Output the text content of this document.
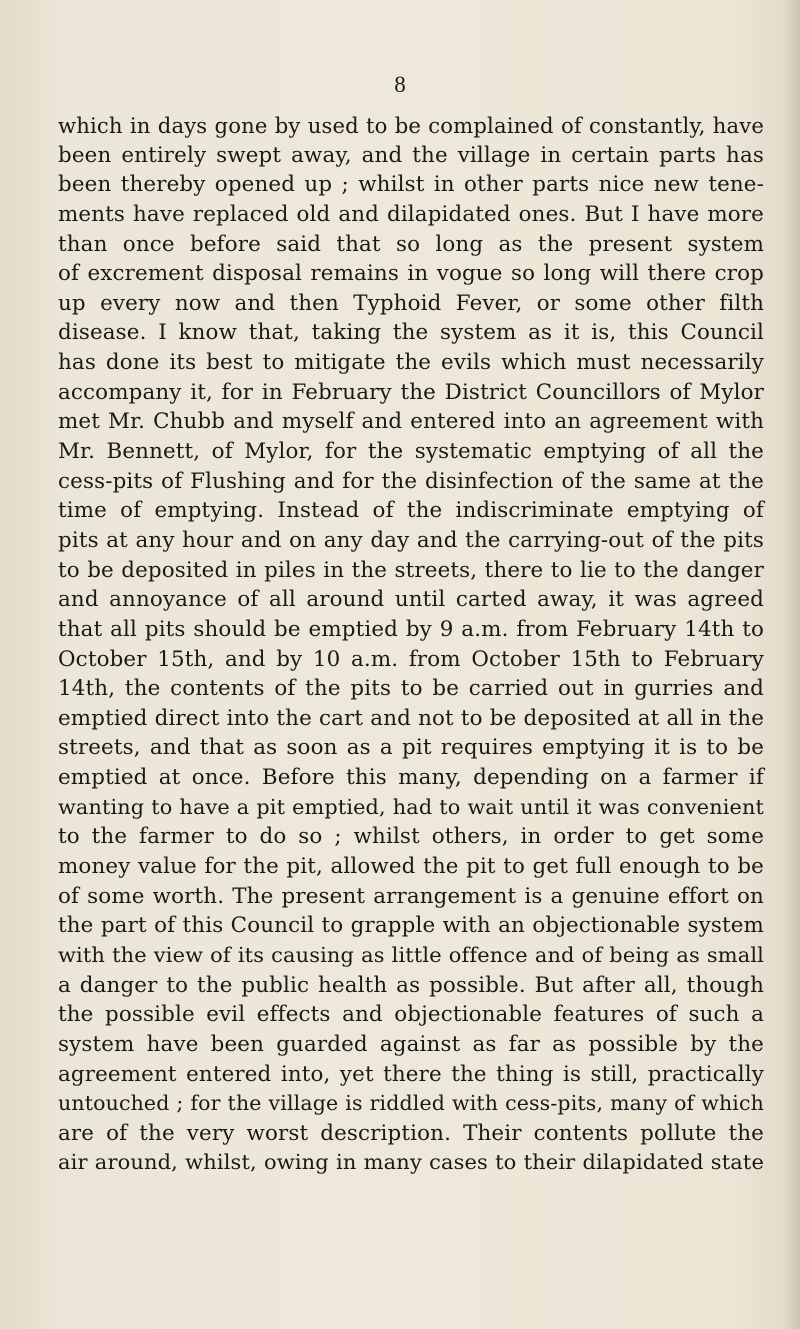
8
which in days gone by used to be complained of constantly, have
been entirely swept away, and the village in certain parts has
been thereby opened up ; whilst in other parts nice new tene-
ments have replaced old and dilapidated ones. But I have more
than once before said that so long as the present system
of excrement disposal remains in vogue so long will there crop
up every now and then Typhoid Fever, or some other filth
disease. I know that, taking the system as it is, this Council
has done its best to mitigate the evils which must necessarily
accompany it, for in February the District Councillors of Mylor
met Mr. Chubb and myself and entered into an agreement with
Mr. Bennett, of Mylor, for the systematic emptying of all the
cess-pits of Flushing and for the disinfection of the same at the
time of emptying. Instead of the indiscriminate emptying of
pits at any hour and on any day and the carrying-out of the pits
to be deposited in piles in the streets, there to lie to the danger
and annoyance of all around until carted away, it was agreed
that all pits should be emptied by 9 a.m. from February 14th to
October 15th, and by 10 a.m. from October 15th to February
14th, the contents of the pits to be carried out in gurries and
emptied direct into the cart and not to be deposited at all in the
streets, and that as soon as a pit requires emptying it is to be
emptied at once. Before this many, depending on a farmer if
wanting to have a pit emptied, had to wait until it was convenient
to the farmer to do so ; whilst others, in order to get some
money value for the pit, allowed the pit to get full enough to be
of some worth. The present arrangement is a genuine effort on
the part of this Council to grapple with an objectionable system
with the view of its causing as little offence and of being as small
a danger to the public health as possible. But after all, though
the possible evil effects and objectionable features of such a
system have been guarded against as far as possible by the
agreement entered into, yet there the thing is still, practically
untouched ; for the village is riddled with cess-pits, many of which
are of the very worst description. Their contents pollute the
air around, whilst, owing in many cases to their dilapidated state
